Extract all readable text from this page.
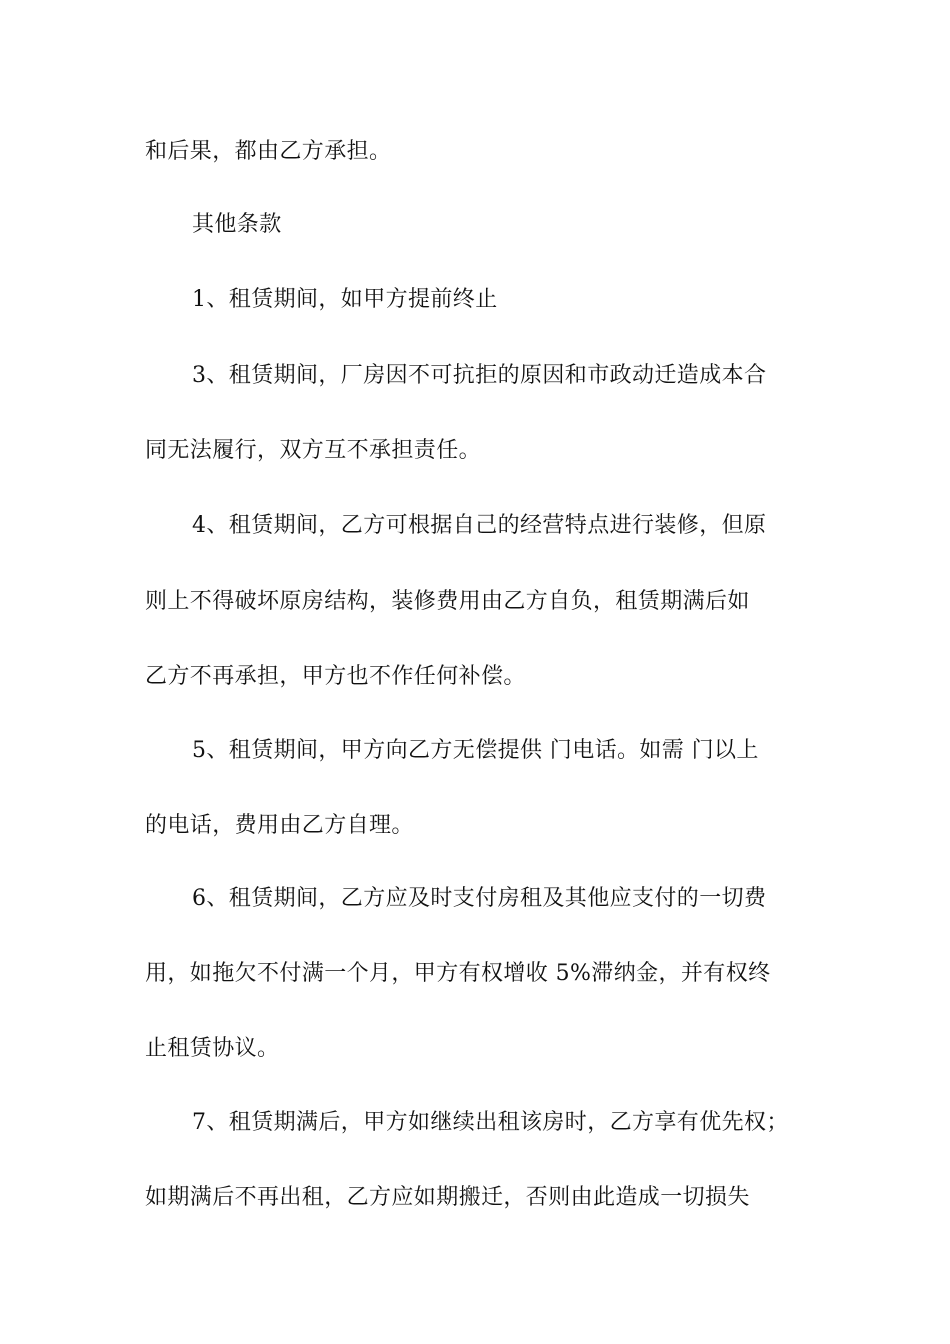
和后果，都由乙方承担。
其他条款
1、租赁期间，如甲方提前终止
3、租赁期间，厂房因不可抗拒的原因和市政动迁造成本合
同无法履行，双方互不承担责任。
4、租赁期间，乙方可根据自己的经营特点进行装修，但原
则上不得破坏原房结构，装修费用由乙方自负，租赁期满后如
乙方不再承担，甲方也不作任何补偿。
5、租赁期间，甲方向乙方无偿提供 门电话。如需 门以上
的电话，费用由乙方自理。
6、租赁期间，乙方应及时支付房租及其他应支付的一切费
用，如拖欠不付满一个月，甲方有权增收 5%滞纳金，并有权终
止租赁协议。
7、租赁期满后，甲方如继续出租该房时，乙方享有优先权；
如期满后不再出租，乙方应如期搬迁，否则由此造成一切损失
